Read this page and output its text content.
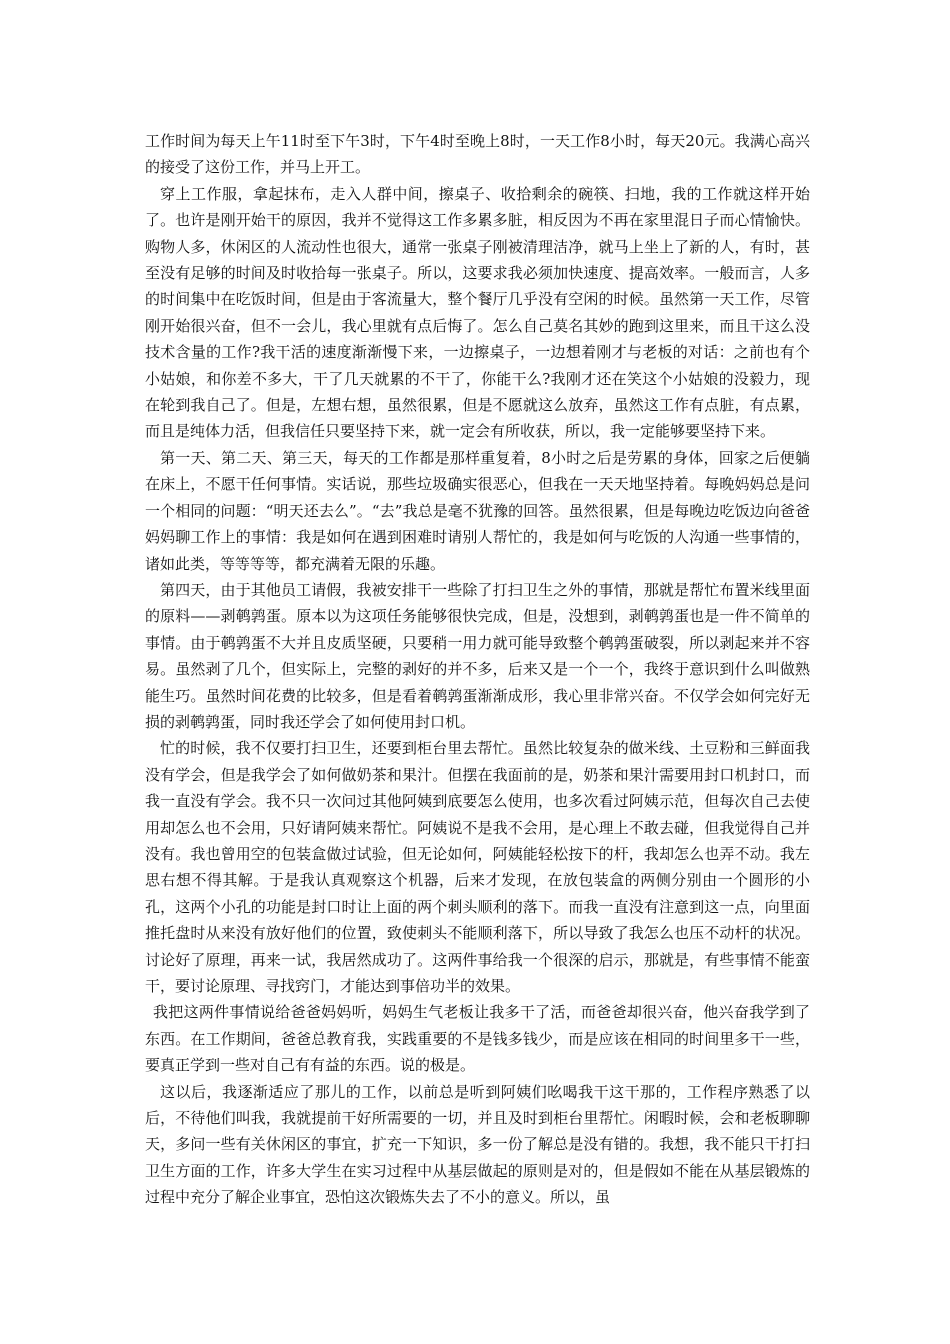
工作时间为每天上午11时至下午3时，下午4时至晚上8时，一天工作8小时，每天20元。我满心高兴的接受了这份工作，并马上开工。

穿上工作服，拿起抹布，走入人群中间，擦桌子、收拾剩余的碗筷、扫地，我的工作就这样开始了。也许是刚开始干的原因，我并不觉得这工作多累多脏，相反因为不再在家里混日子而心情愉快。购物人多，休闲区的人流动性也很大，通常一张桌子刚被清理洁净，就马上坐上了新的人，有时，甚至没有足够的时间及时收拾每一张桌子。所以，这要求我必须加快速度、提高效率。一般而言，人多的时间集中在吃饭时间，但是由于客流量大，整个餐厅几乎没有空闲的时候。虽然第一天工作，尽管刚开始很兴奋，但不一会儿，我心里就有点后悔了。怎么自己莫名其妙的跑到这里来，而且干这么没技术含量的工作?我干活的速度渐渐慢下来，一边擦桌子，一边想着刚才与老板的对话：之前也有个小姑娘，和你差不多大，干了几天就累的不干了，你能干么?我刚才还在笑这个小姑娘的没毅力，现在轮到我自己了。但是，左想右想，虽然很累，但是不愿就这么放弃，虽然这工作有点脏，有点累，而且是纯体力活，但我信任只要坚持下来，就一定会有所收获，所以，我一定能够要坚持下来。

第一天、第二天、第三天，每天的工作都是那样重复着，8小时之后是劳累的身体，回家之后便躺在床上，不愿干任何事情。实话说，那些垃圾确实很恶心，但我在一天天地坚持着。每晚妈妈总是问一个相同的问题：“明天还去么”。“去”我总是毫不犹豫的回答。虽然很累，但是每晚边吃饭边向爸爸妈妈聊工作上的事情：我是如何在遇到困难时请别人帮忙的，我是如何与吃饭的人沟通一些事情的，诸如此类，等等等等，都充满着无限的乐趣。

第四天，由于其他员工请假，我被安排干一些除了打扫卫生之外的事情，那就是帮忙布置米线里面的原料——剥鹌鹑蛋。原本以为这项任务能够很快完成，但是，没想到，剥鹌鹑蛋也是一件不简单的事情。由于鹌鹑蛋不大并且皮质坚硬，只要稍一用力就可能导致整个鹌鹑蛋破裂，所以剥起来并不容易。虽然剥了几个，但实际上，完整的剥好的并不多，后来又是一个一个，我终于意识到什么叫做熟能生巧。虽然时间花费的比较多，但是看着鹌鹑蛋渐渐成形，我心里非常兴奋。不仅学会如何完好无损的剥鹌鹑蛋，同时我还学会了如何使用封口机。

忙的时候，我不仅要打扫卫生，还要到柜台里去帮忙。虽然比较复杂的做米线、土豆粉和三鲜面我没有学会，但是我学会了如何做奶茶和果汁。但摆在我面前的是，奶茶和果汁需要用封口机封口，而我一直没有学会。我不只一次问过其他阿姨到底要怎么使用，也多次看过阿姨示范，但每次自己去使用却怎么也不会用，只好请阿姨来帮忙。阿姨说不是我不会用，是心理上不敢去碰，但我觉得自己并没有。我也曾用空的包装盒做过试验，但无论如何，阿姨能轻松按下的杆，我却怎么也弄不动。我左思右想不得其解。于是我认真观察这个机器，后来才发现，在放包装盒的两侧分别由一个圆形的小孔，这两个小孔的功能是封口时让上面的两个刺头顺利的落下。而我一直没有注意到这一点，向里面推托盘时从来没有放好他们的位置，致使刺头不能顺利落下，所以导致了我怎么也压不动杆的状况。讨论好了原理，再来一试，我居然成功了。这两件事给我一个很深的启示，那就是，有些事情不能蛮干，要讨论原理、寻找窍门，才能达到事倍功半的效果。

我把这两件事情说给爸爸妈妈听，妈妈生气老板让我多干了活，而爸爸却很兴奋，他兴奋我学到了东西。在工作期间，爸爸总教育我，实践重要的不是钱多钱少，而是应该在相同的时间里多干一些，要真正学到一些对自己有有益的东西。说的极是。

这以后，我逐渐适应了那儿的工作，以前总是听到阿姨们吆喝我干这干那的，工作程序熟悉了以后，不待他们叫我，我就提前干好所需要的一切，并且及时到柜台里帮忙。闲暇时候，会和老板聊聊天，多问一些有关休闲区的事宜，扩充一下知识，多一份了解总是没有错的。我想，我不能只干打扫卫生方面的工作，许多大学生在实习过程中从基层做起的原则是对的，但是假如不能在从基层锻炼的过程中充分了解企业事宜，恐怕这次锻炼失去了不小的意义。所以，虽
